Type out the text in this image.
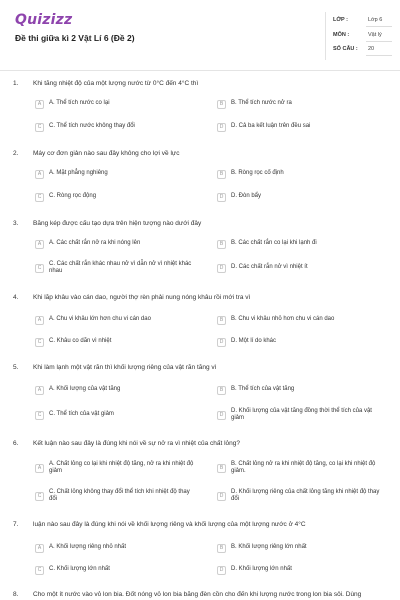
Quizizz
Đề thi giữa kì 2 Vật Lí 6 (Đề 2)
LỚP :	Lớp 6
MÔN :	Vật lý
SỐ CÂU : 20
1. Khi tăng nhiệt độ của một lượng nước từ 0°C đến 4°C thì
A	A. Thể tích nước co lại	B	B. Thể tích nước nở ra
C	C. Thể tích nước không thay đổi	D	D. Cả ba kết luận trên đều sai
2. Máy cơ đơn giản nào sau đây không cho lợi về lực
A	A. Mặt phẳng nghiêng	B	B. Ròng rọc cố định
C	C. Ròng rọc động	D	D. Đòn bẩy
3. Băng kép được cấu tạo dựa trên hiện tượng nào dưới đây
A	A. Các chất rắn nở ra khi nóng lên	B	B. Các chất rắn co lại khi lạnh đi
C
C. Các chất rắn khác nhau nở vì dẫn nở vì nhiệt khác nhau	D	D. Các chất rắn nở vì nhiệt ít
4. Khi lắp khâu vào cán dao, người thợ rèn phải nung nóng khâu rồi mới tra vì
A	A. Chu vi khâu lớn hơn chu vi cán dao	B	B. Chu vi khâu nhỏ hơn chu vi cán dao
C	C. Khâu co dãn vì nhiệt	D	D. Một lí do khác
5. Khi làm lạnh một vật rắn thì khối lượng riêng của vật rắn tăng vì
A	A. Khối lượng của vật tăng	B	B. Thể tích của vật tăng
C	C. Thể tích của vật giảm	D
D. Khối lượng của vật tăng đồng thời thể tích của vật giảm
6. Kết luận nào sau đây là đúng khi nói về sự nở ra vì nhiệt của chất lỏng?
A
A. Chất lỏng co lại khi nhiệt độ tăng, nở ra khi nhiệt độ giảm	B
B. Chất lỏng nở ra khi nhiệt độ tăng, co lại khi nhiệt độ giảm.
C
C. Chất lỏng không thay đổi thể tích khi nhiệt độ thay đổi	D
D. Khối lượng riêng của chất lỏng tăng khi nhiệt độ thay đổi
7. luận nào sau đây là đúng khi nói về khối lượng riêng và khối lượng của một lượng nước ở 4°C
A	A. Khối lượng riêng nhỏ nhất	B	B. Khối lượng riêng lớn nhất
C	C. Khối lượng lớn nhất	D	D. Khối lượng lớn nhất
8. Cho một ít nước vào vỏ lon bia. Đốt nóng vỏ lon bia bằng đèn cồn cho đến khi lượng nước trong lon bia sôi. Dùng
